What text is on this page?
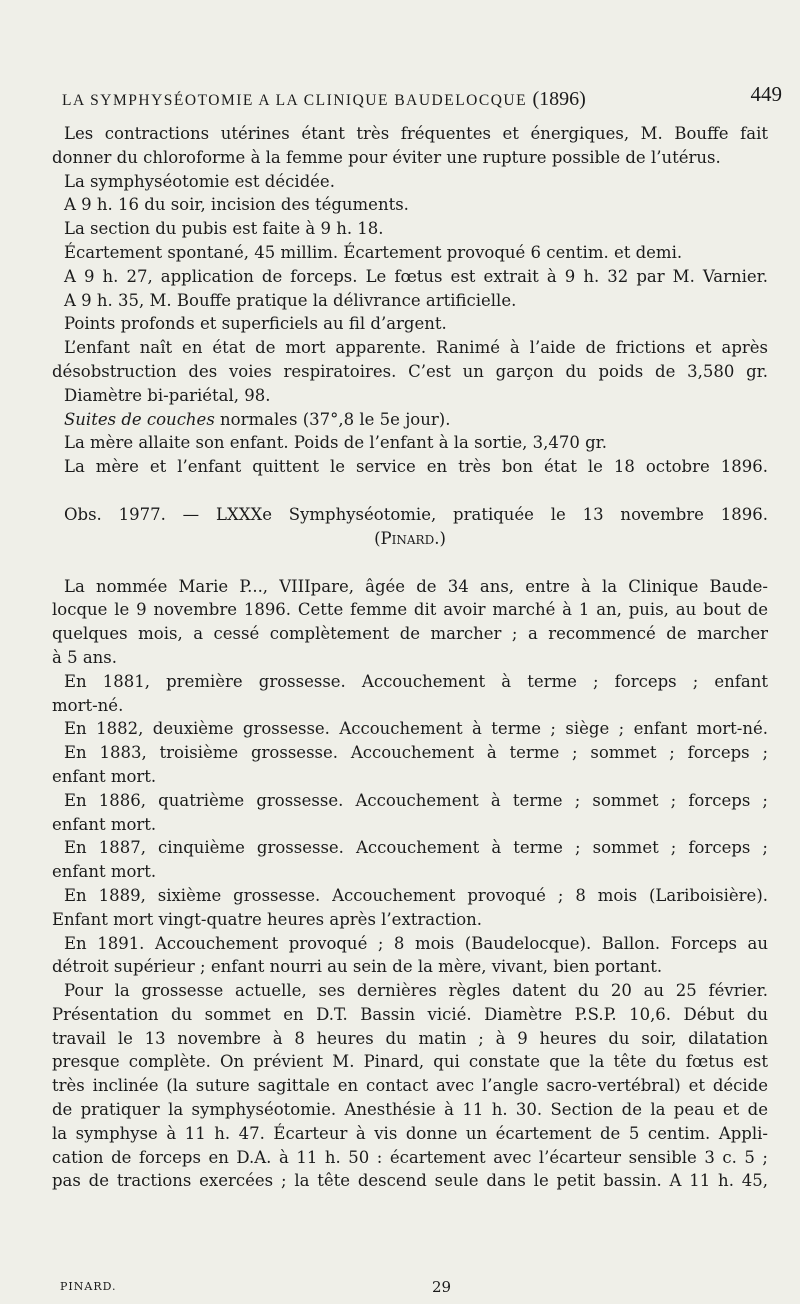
LA SYMPHYSÉOTOMIE A LA CLINIQUE BAUDELOCQUE (1896)	449
Les contractions utérines étant très fréquentes et énergiques, M. Bouffe fait
donner du chloroforme à la femme pour éviter une rupture possible de l’utérus.
La symphyséotomie est décidée.
A 9 h. 16 du soir, incision des téguments.
La section du pubis est faite à 9 h. 18.
Écartement spontané, 45 millim. Écartement provoqué 6 centim. et demi.
A 9 h. 27, application de forceps. Le fœtus est extrait à 9 h. 32 par M. Varnier.
A 9 h. 35, M. Bouffe pratique la délivrance artificielle.
Points profonds et superficiels au fil d’argent.
L’enfant naît en état de mort apparente. Ranimé à l’aide de frictions et après
désobstruction des voies respiratoires. C’est un garçon du poids de 3,580 gr.
Diamètre bi-pariétal, 98.
Suites de couches normales (37°,8 le 5e jour).
La mère allaite son enfant. Poids de l’enfant à la sortie, 3,470 gr.
La mère et l’enfant quittent le service en très bon état le 18 octobre 1896.
Obs. 1977. — LXXXe Symphyséotomie, pratiquée le 13 novembre 1896.
(Pinard.)
La nommée Marie P..., VIIIpare, âgée de 34 ans, entre à la Clinique Baude-
locque le 9 novembre 1896. Cette femme dit avoir marché à 1 an, puis, au bout de
quelques mois, a cessé complètement de marcher ; a recommencé de marcher
à 5 ans.
En 1881, première grossesse. Accouchement à terme ; forceps ; enfant
mort-né.
En 1882, deuxième grossesse. Accouchement à terme ; siège ; enfant mort-né.
En 1883, troisième grossesse. Accouchement à terme ; sommet ; forceps ;
enfant mort.
En 1886, quatrième grossesse. Accouchement à terme ; sommet ; forceps ;
enfant mort.
En 1887, cinquième grossesse. Accouchement à terme ; sommet ; forceps ;
enfant mort.
En 1889, sixième grossesse. Accouchement provoqué ; 8 mois (Lariboisière).
Enfant mort vingt-quatre heures après l’extraction.
En 1891. Accouchement provoqué ; 8 mois (Baudelocque). Ballon. Forceps au
détroit supérieur ; enfant nourri au sein de la mère, vivant, bien portant.
Pour la grossesse actuelle, ses dernières règles datent du 20 au 25 février.
Présentation du sommet en D.T. Bassin vicié. Diamètre P.S.P. 10,6. Début du
travail le 13 novembre à 8 heures du matin ; à 9 heures du soir, dilatation
presque complète. On prévient M. Pinard, qui constate que la tête du fœtus est
très inclinée (la suture sagittale en contact avec l’angle sacro-vertébral) et décide
de pratiquer la symphyséotomie. Anesthésie à 11 h. 30. Section de la peau et de
la symphyse à 11 h. 47. Écarteur à vis donne un écartement de 5 centim. Appli-
cation de forceps en D.A. à 11 h. 50 : écartement avec l’écarteur sensible 3 c. 5 ;
pas de tractions exercées ; la tête descend seule dans le petit bassin. A 11 h. 45,
PINARD.	29
